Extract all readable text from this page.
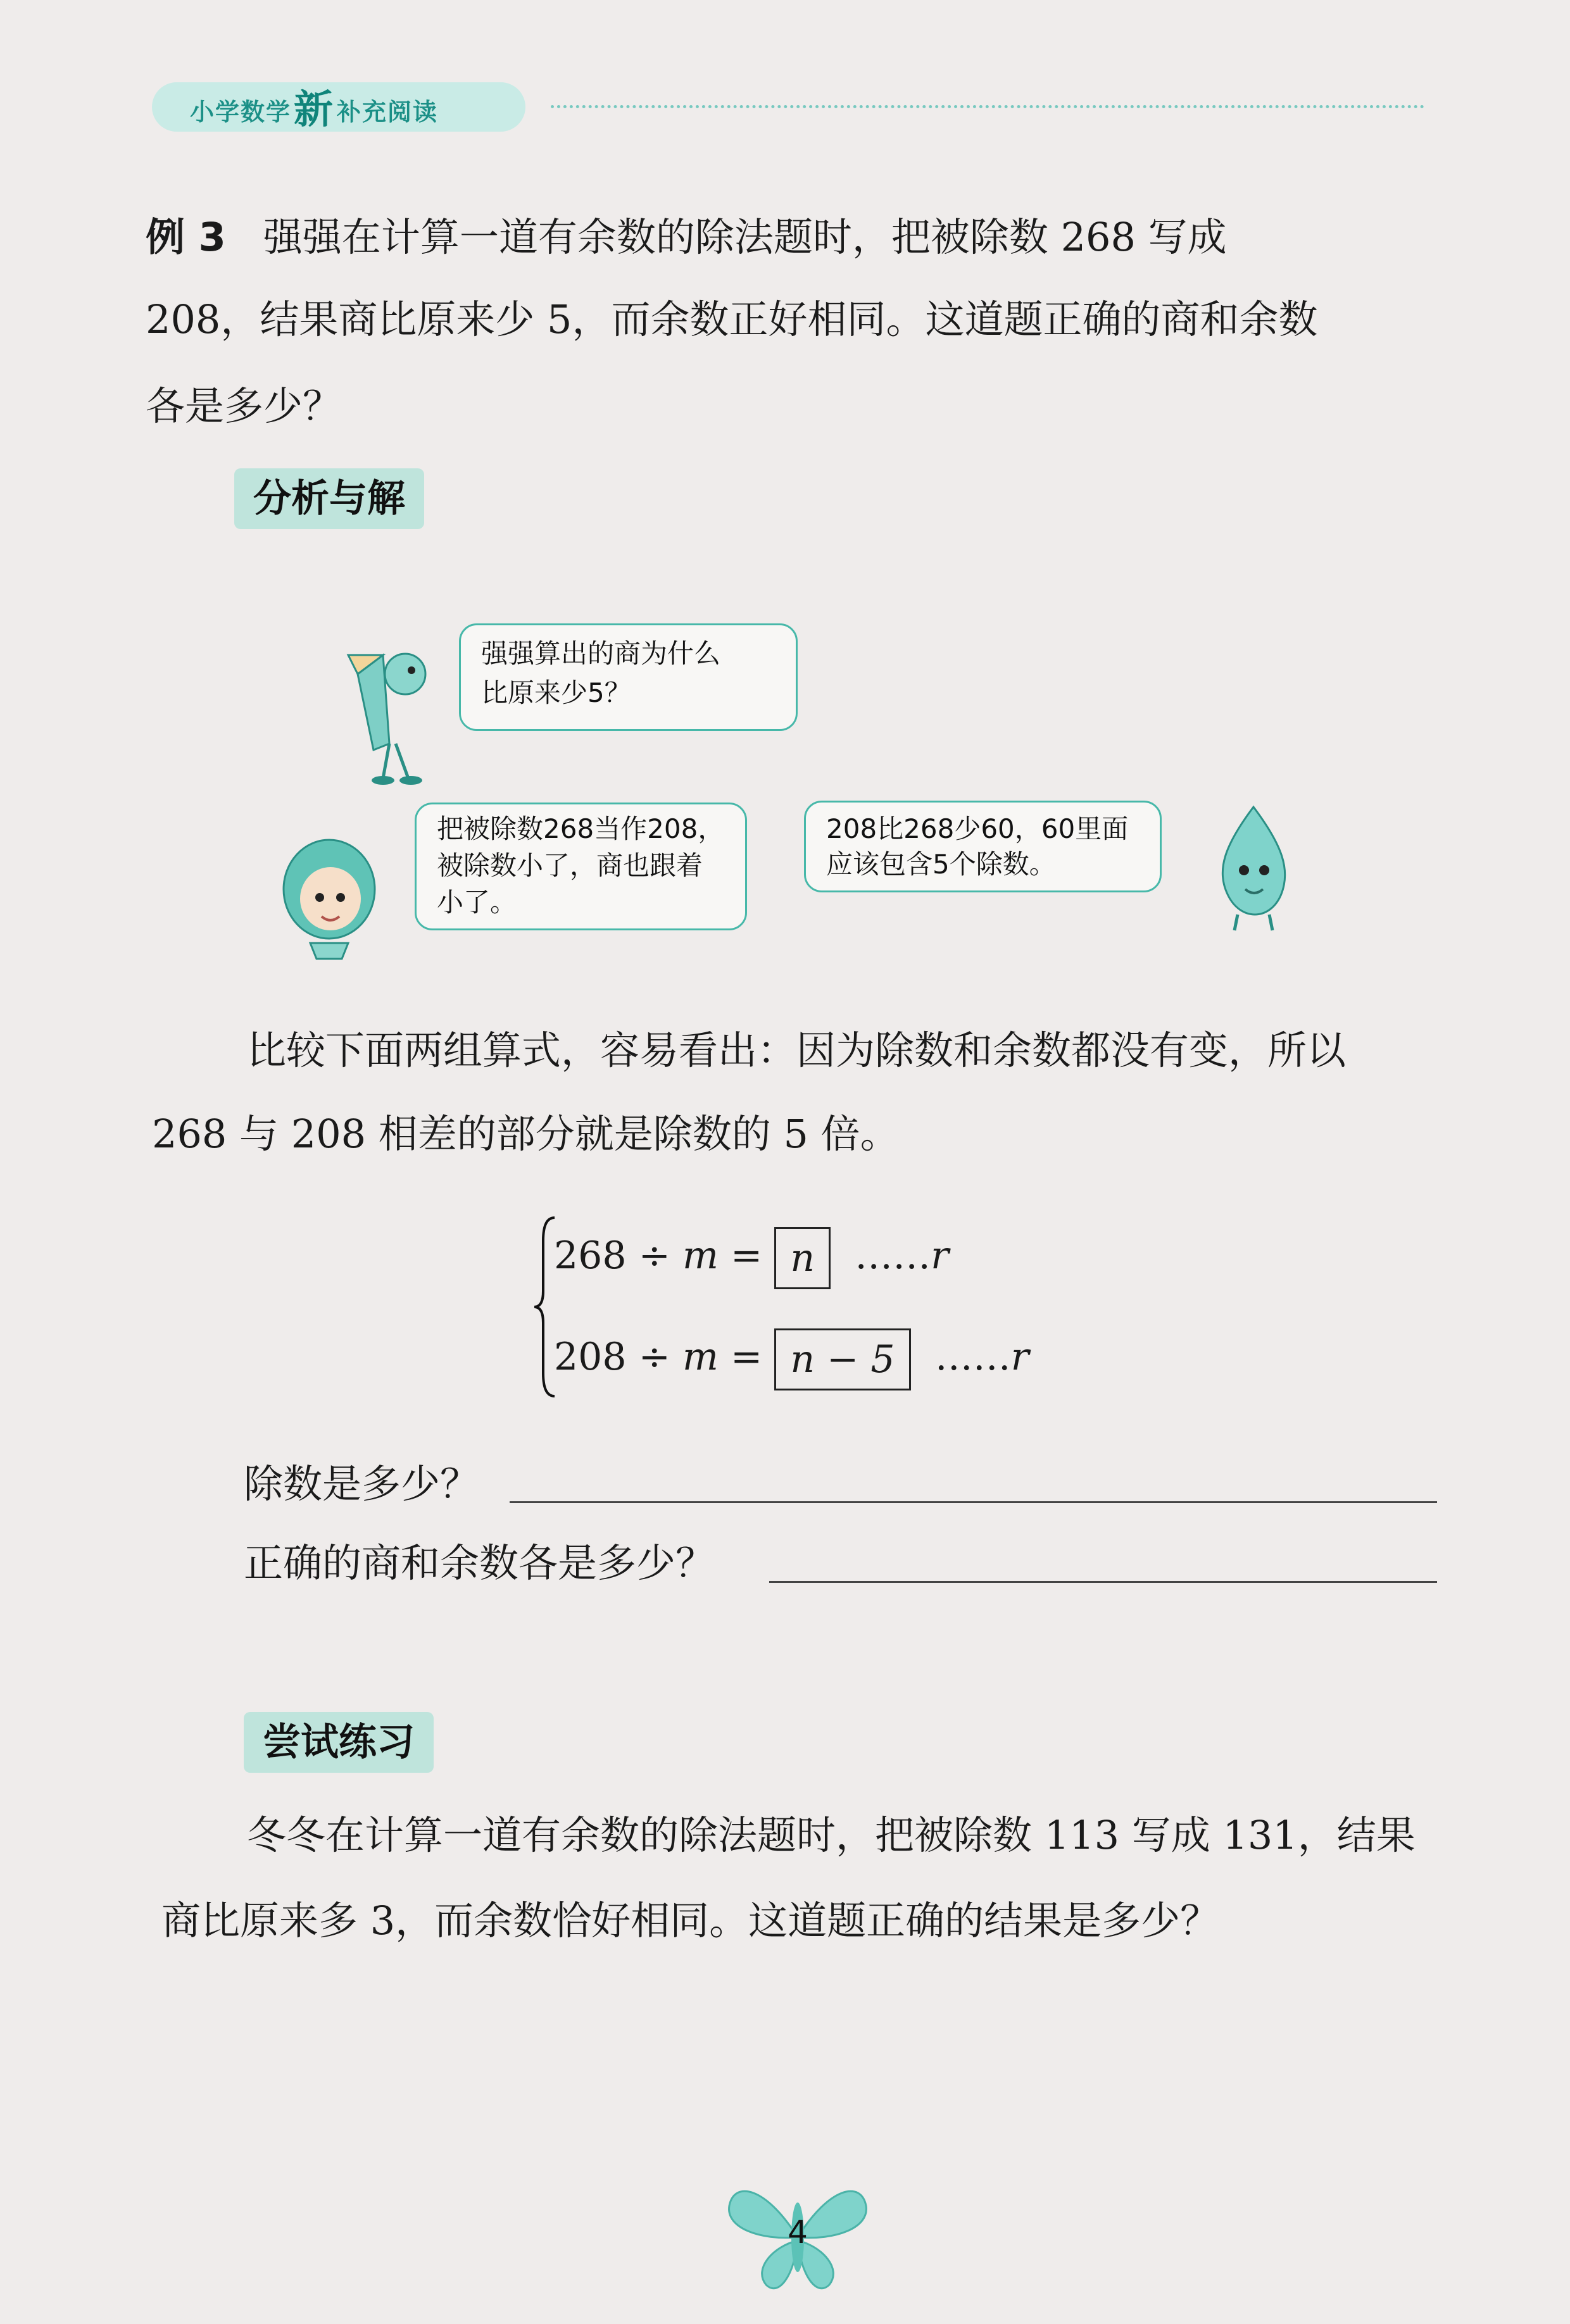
小学数学新 补充阅读
例 3 强强在计算一道有余数的除法题时，把被除数 268 写成
208，结果商比原来少 5，而余数正好相同。这道题正确的商和余数
各是多少？
分析与解
强强算出的商为什么
比原来少5？
把被除数268当作208，
被除数小了，商也跟着
小了。
208比268少60，60里面
应该包含5个除数。
比较下面两组算式，容易看出：因为除数和余数都没有变，所以
268 与 208 相差的部分就是除数的 5 倍。
268 ÷ m = n ……r
208 ÷ m = n − 5 ……r
除数是多少？
正确的商和余数各是多少？
尝试练习
冬冬在计算一道有余数的除法题时，把被除数 113 写成 131，结果
商比原来多 3，而余数恰好相同。这道题正确的结果是多少？
4
